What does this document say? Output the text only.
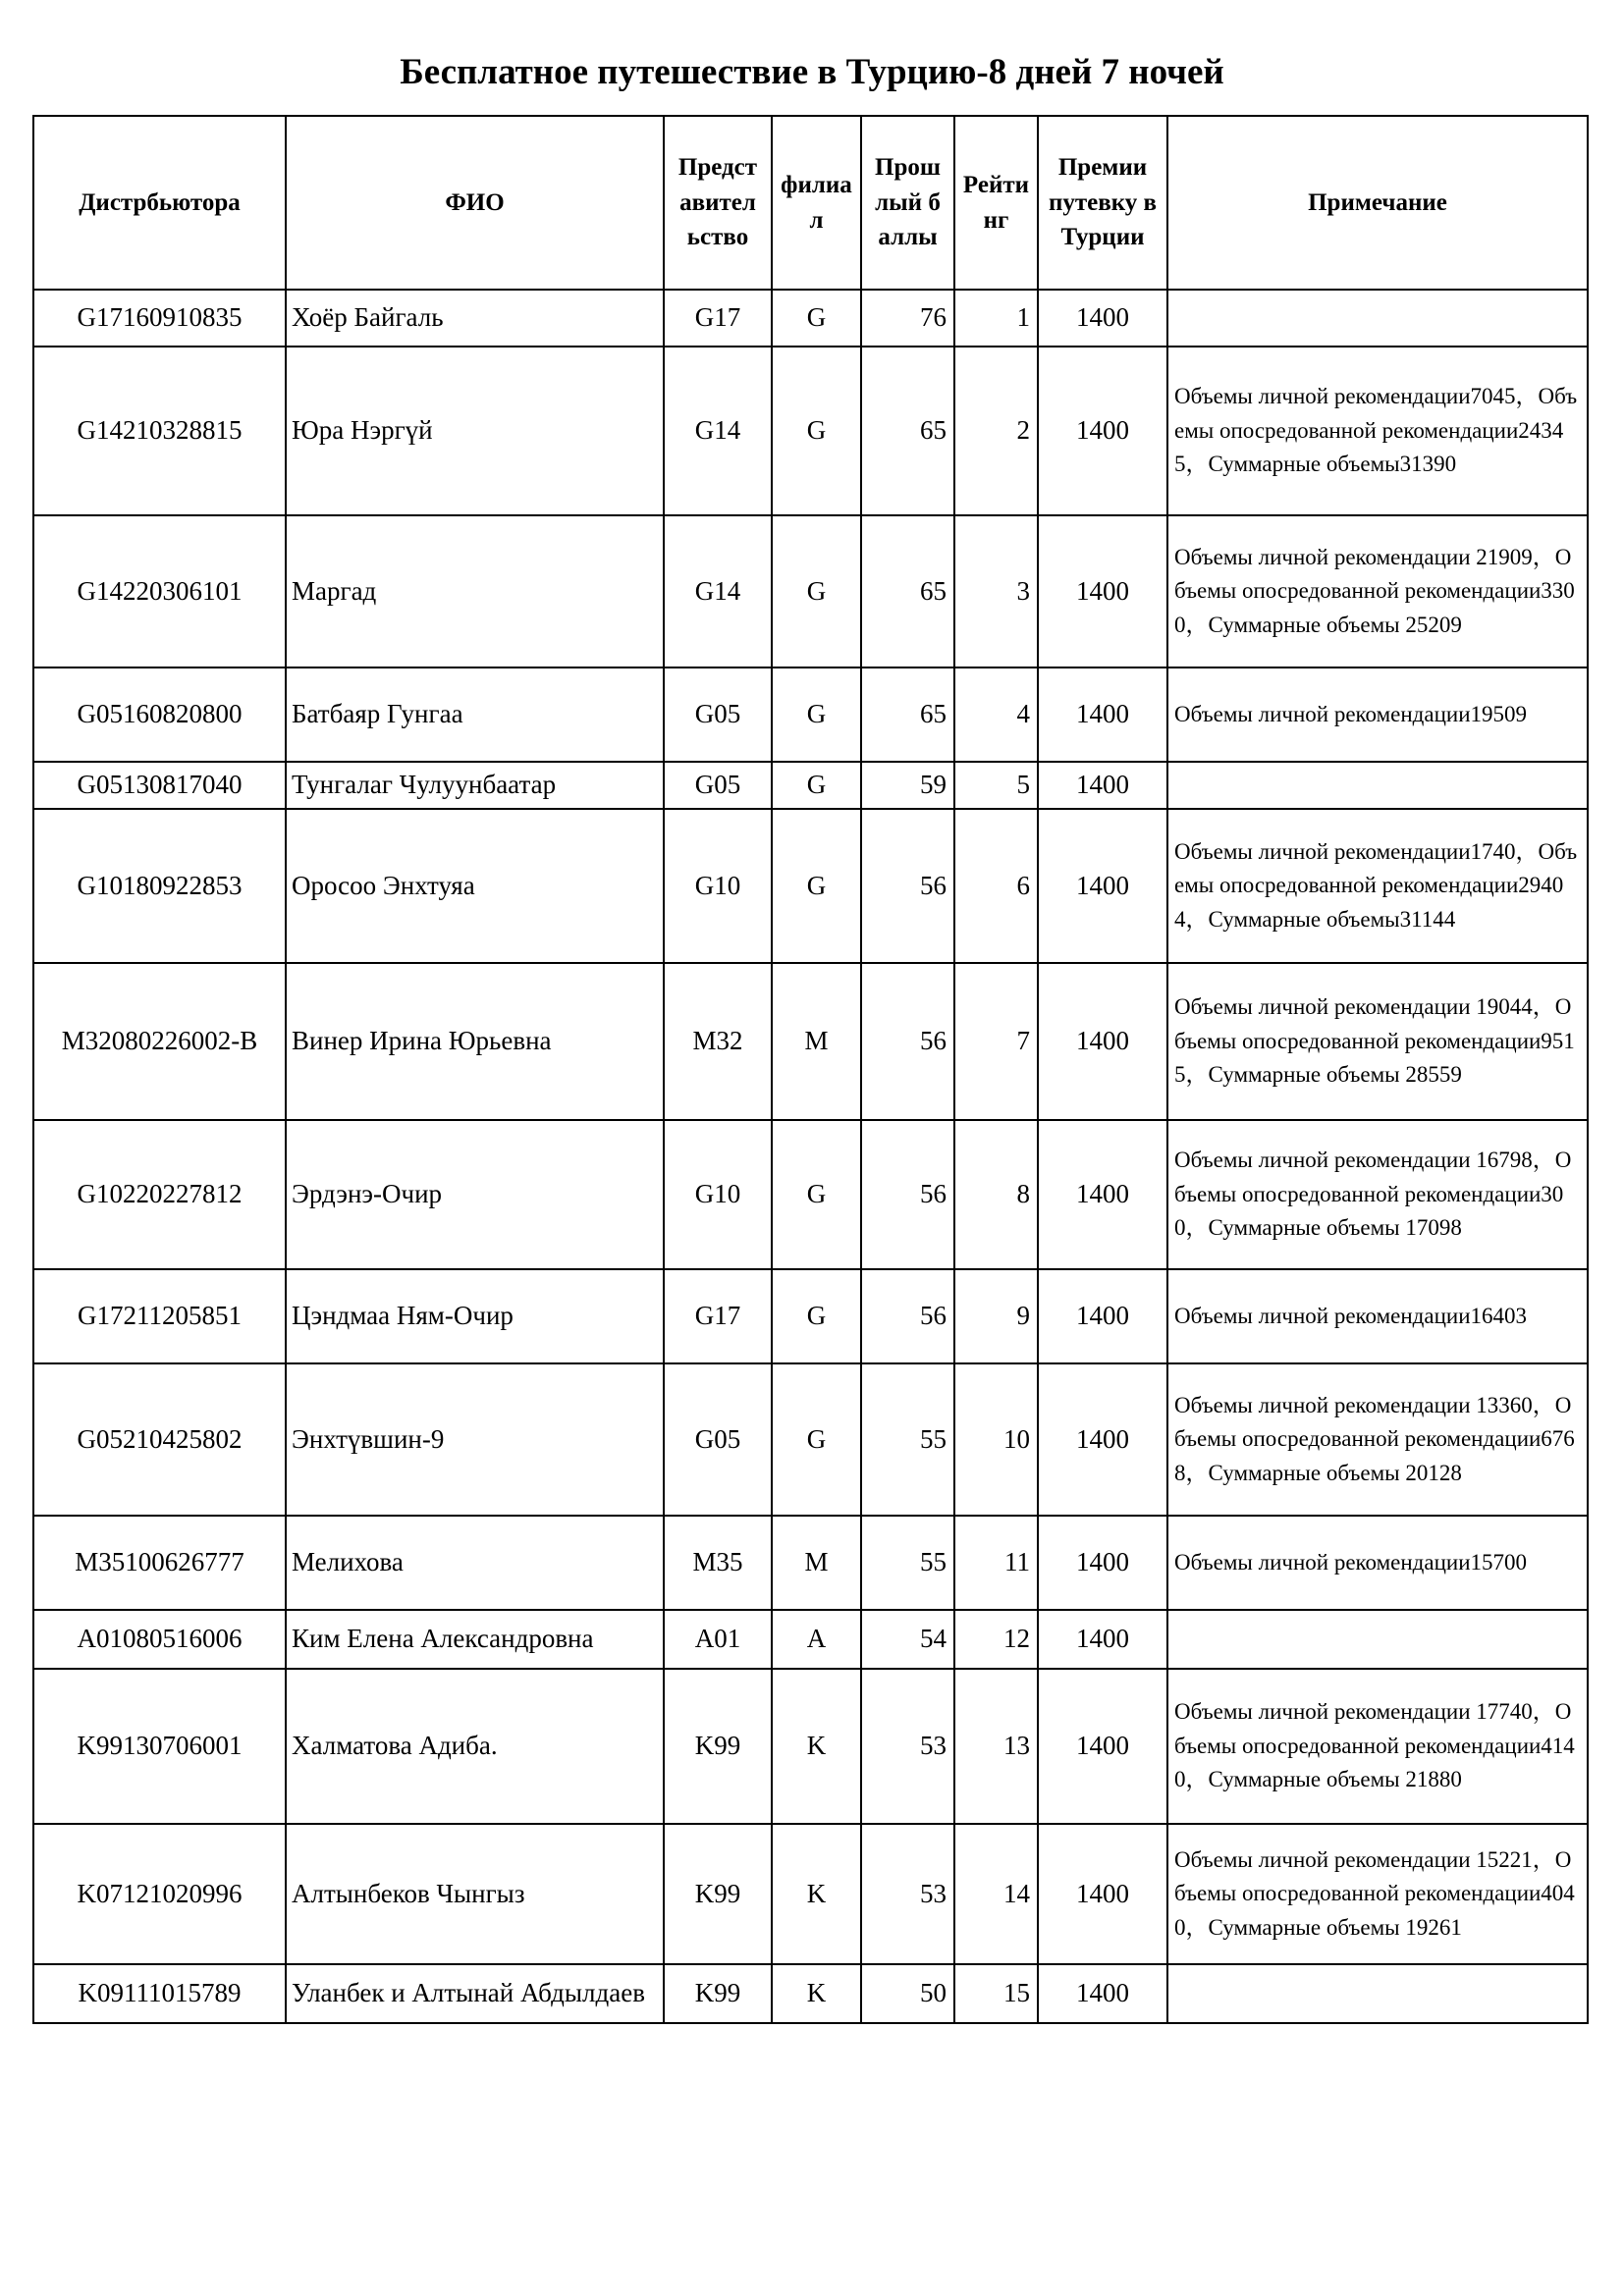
Бесплатное путешествие в Турцию-8 дней 7 ночей
Дистрбьютора	ФИО	Предст авител ьство	филиа л	Прош лый б аллы	Рейти нг	Премии путевку в Турции	Примечание
G17160910835	Хоёр Байгаль	G17	G	76	1	1400	
G14210328815	Юра Нэргүй	G14	G	65	2	1400	Объемы личной рекомендации7045，Объемы опосредованной рекомендации24345，Суммарные объемы31390
G14220306101	Маргад	G14	G	65	3	1400	Объемы личной рекомендации 21909，Объемы опосредованной рекомендации3300，Суммарные объемы 25209
G05160820800	Батбаяр Гунгаа	G05	G	65	4	1400	Объемы личной рекомендации19509
G05130817040	Тунгалаг Чулуунбаатар	G05	G	59	5	1400	
G10180922853	Оросоо Энхтуяа	G10	G	56	6	1400	Объемы личной рекомендации1740，Объемы опосредованной рекомендации29404，Суммарные объемы31144
M32080226002-B	Винер Ирина Юрьевна	M32	M	56	7	1400	Объемы личной рекомендации 19044，Объемы опосредованной рекомендации9515，Суммарные объемы 28559
G10220227812	Эрдэнэ-Очир	G10	G	56	8	1400	Объемы личной рекомендации 16798，Объемы опосредованной рекомендации300，Суммарные объемы 17098
G17211205851	Цэндмаа Ням-Очир	G17	G	56	9	1400	Объемы личной рекомендации16403
G05210425802	Энхтүвшин-9	G05	G	55	10	1400	Объемы личной рекомендации 13360，Объемы опосредованной рекомендации6768，Суммарные объемы 20128
M35100626777	Мелихова	M35	M	55	11	1400	Объемы личной рекомендации15700
A01080516006	Ким Елена Александровна	A01	A	54	12	1400	
K99130706001	Халматова Адиба.	K99	K	53	13	1400	Объемы личной рекомендации 17740，Объемы опосредованной рекомендации4140，Суммарные объемы 21880
K07121020996	Алтынбеков Чынгыз	K99	K	53	14	1400	Объемы личной рекомендации 15221，Объемы опосредованной рекомендации4040，Суммарные объемы 19261
K09111015789	Уланбек и Алтынай Абдылдаев	K99	K	50	15	1400	
